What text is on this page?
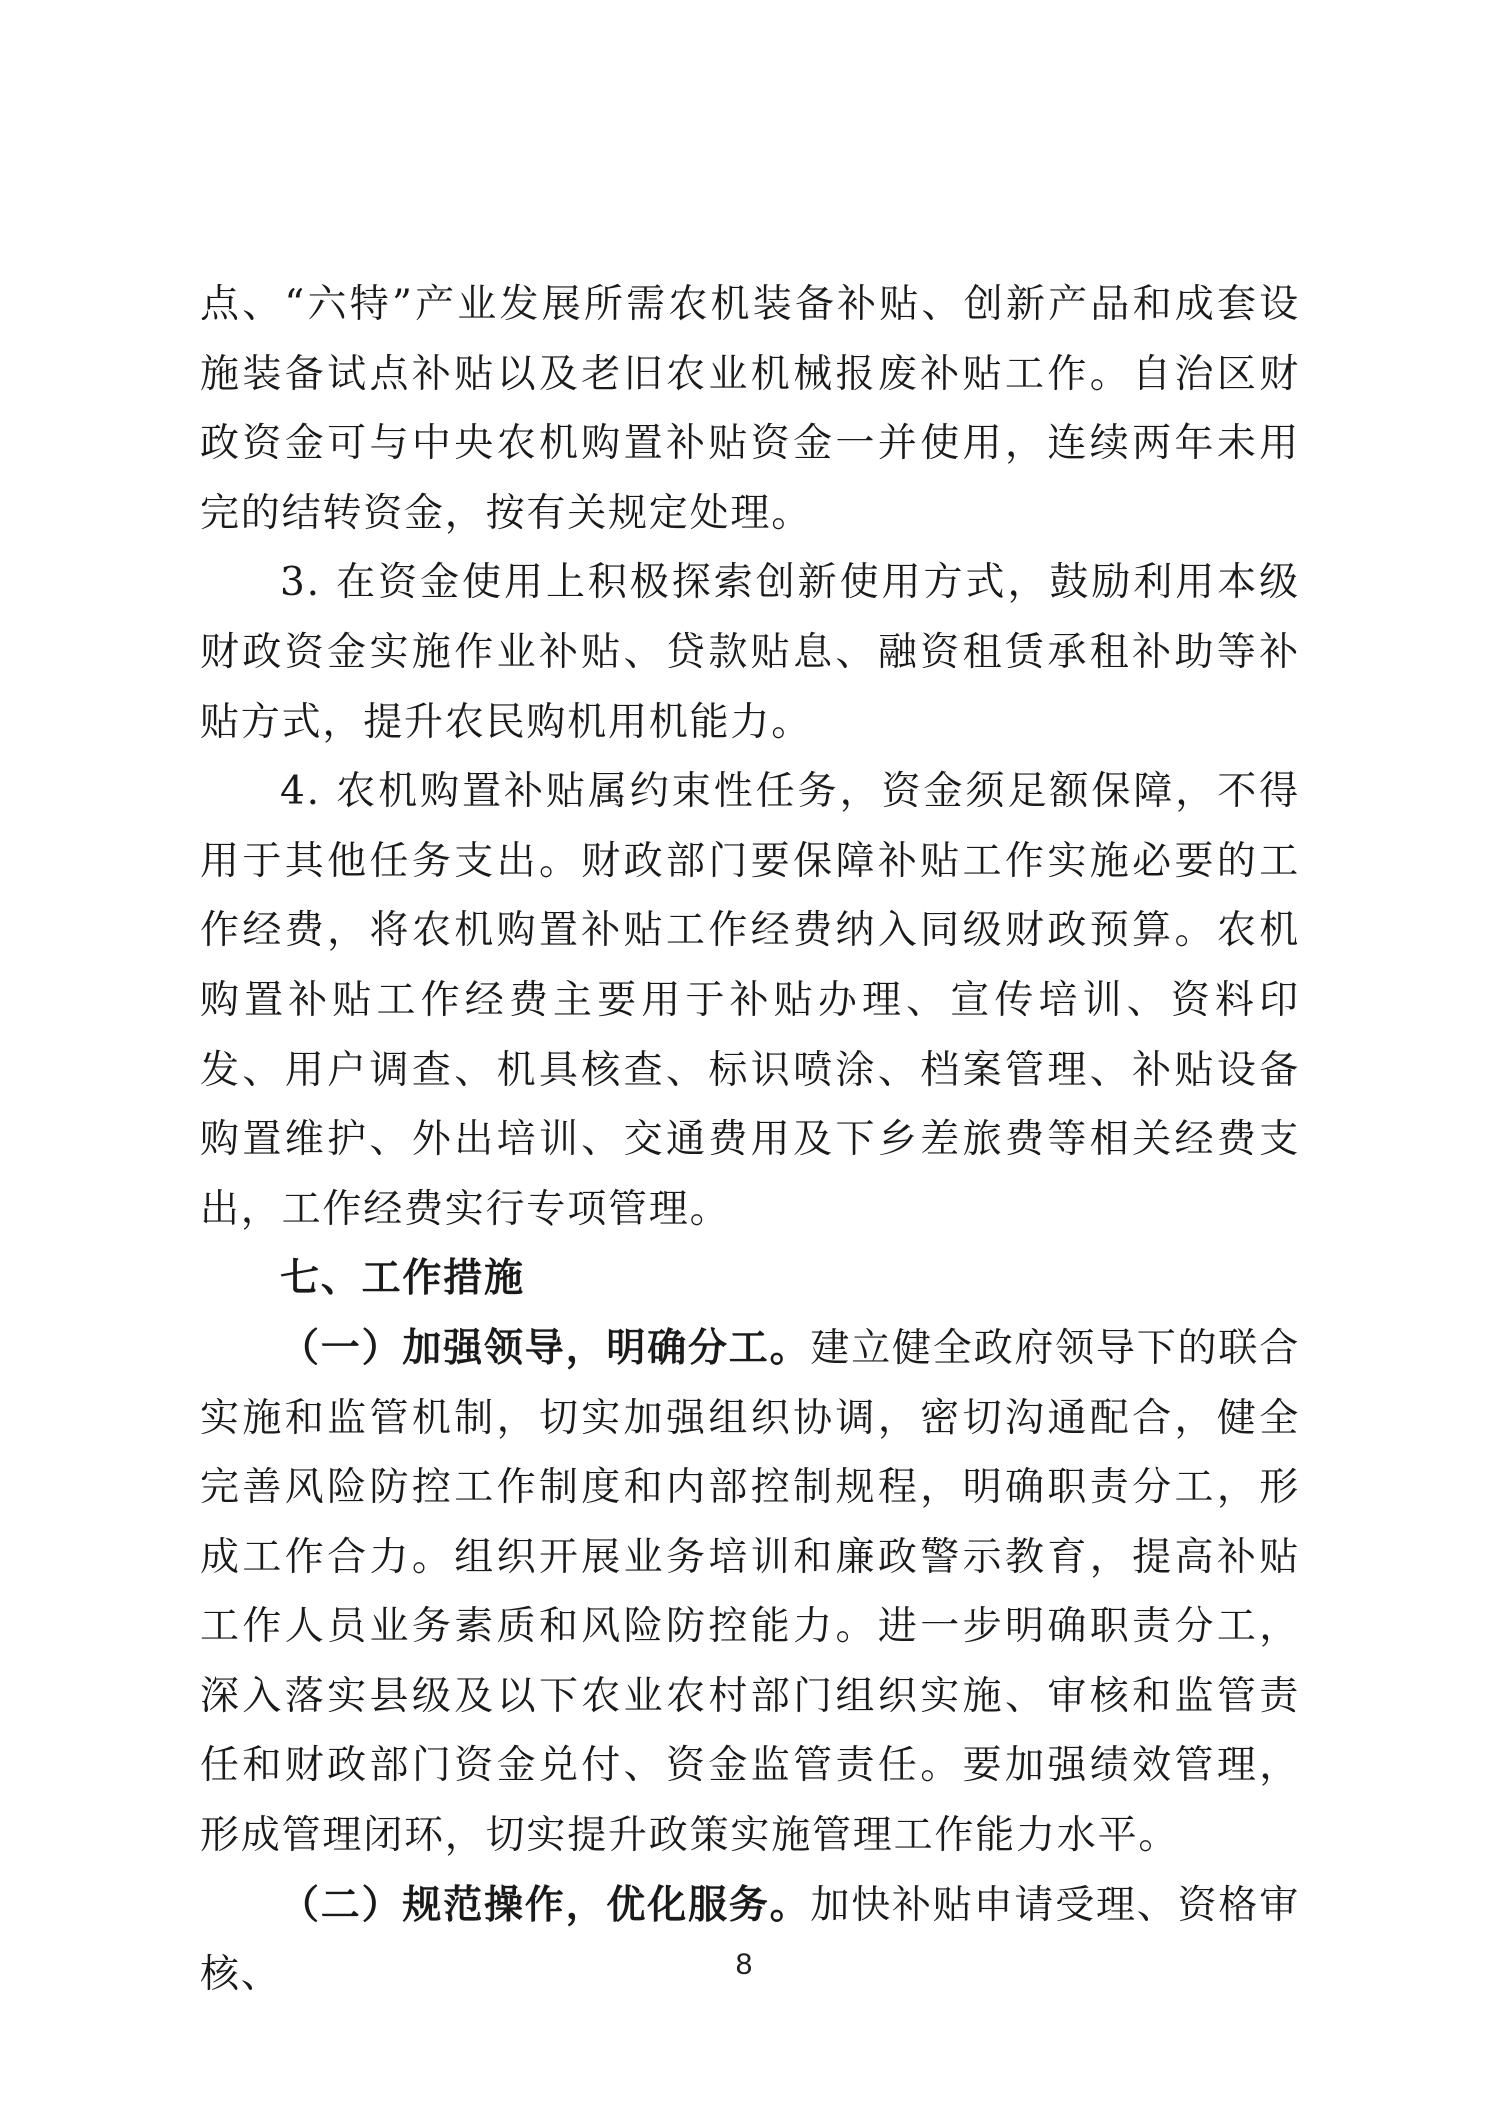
点、“六特”产业发展所需农机装备补贴、创新产品和成套设施装备试点补贴以及老旧农业机械报废补贴工作。自治区财政资金可与中央农机购置补贴资金一并使用，连续两年未用完的结转资金，按有关规定处理。

3. 在资金使用上积极探索创新使用方式，鼓励利用本级财政资金实施作业补贴、贷款贴息、融资租赁承租补助等补贴方式，提升农民购机用机能力。

4. 农机购置补贴属约束性任务，资金须足额保障，不得用于其他任务支出。财政部门要保障补贴工作实施必要的工作经费，将农机购置补贴工作经费纳入同级财政预算。农机购置补贴工作经费主要用于补贴办理、宣传培训、资料印发、用户调查、机具核查、标识喷涂、档案管理、补贴设备购置维护、外出培训、交通费用及下乡差旅费等相关经费支出，工作经费实行专项管理。

七、工作措施

（一）加强领导，明确分工。建立健全政府领导下的联合实施和监管机制，切实加强组织协调，密切沟通配合，健全完善风险防控工作制度和内部控制规程，明确职责分工，形成工作合力。组织开展业务培训和廉政警示教育，提高补贴工作人员业务素质和风险防控能力。进一步明确职责分工，深入落实县级及以下农业农村部门组织实施、审核和监管责任和财政部门资金兑付、资金监管责任。要加强绩效管理，形成管理闭环，切实提升政策实施管理工作能力水平。

（二）规范操作，优化服务。加快补贴申请受理、资格审核、	8
